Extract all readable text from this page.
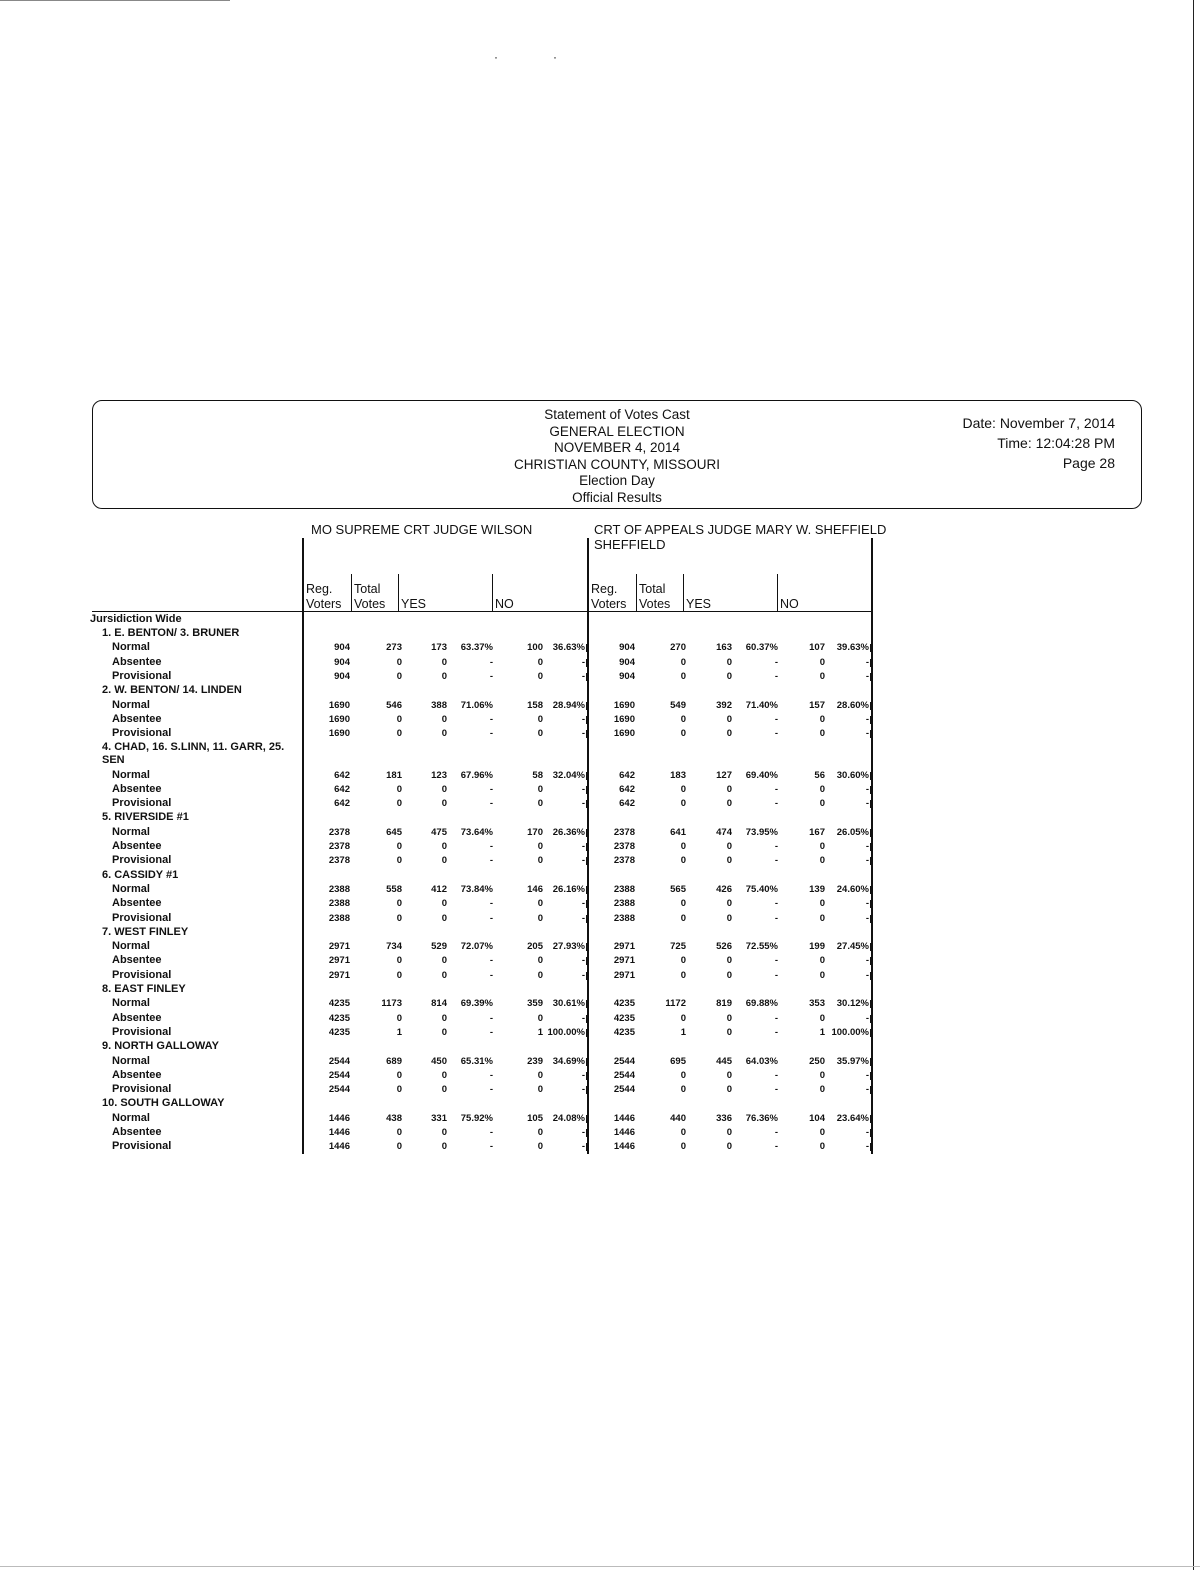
·	·
Statement of Votes Cast
GENERAL ELECTION
NOVEMBER 4, 2014
CHRISTIAN COUNTY, MISSOURI
Election Day
Official Results
Date: November 7, 2014
Time: 12:04:28 PM
Page 28
MO SUPREME CRT JUDGE WILSON	CRT OF APPEALS JUDGE MARY W. SHEFFIELD
SHEFFIELD
Reg.
Voters
Total
Votes YES	NO
Reg.
Voters
Total
Votes YES	NO
Jursidiction Wide
1. E. BENTON/ 3. BRUNER
Normal	904	273	173	63.37%	100	36.63%	904	270	163	60.37%	107	39.63%
Absentee	904	0	0	-	0	-	904	0	0	-	0	-
Provisional	904	0	0	-	0	-	904	0	0	-	0	-
2. W. BENTON/ 14. LINDEN
Normal	1690	546	388	71.06%	158	28.94%	1690	549	392	71.40%	157	28.60%
Absentee	1690	0	0	-	0	-	1690	0	0	-	0	-
Provisional	1690	0	0	-	0	-	1690	0	0	-	0	-
4. CHAD, 16. S.LINN, 11. GARR, 25.
SEN
Normal	642	181	123	67.96%	58	32.04%	642	183	127	69.40%	56	30.60%
Absentee	642	0	0	-	0	-	642	0	0	-	0	-
Provisional	642	0	0	-	0	-	642	0	0	-	0	-
5. RIVERSIDE #1
Normal	2378	645	475	73.64%	170	26.36%	2378	641	474	73.95%	167	26.05%
Absentee	2378	0	0	-	0	-	2378	0	0	-	0	-
Provisional	2378	0	0	-	0	-	2378	0	0	-	0	-
6. CASSIDY #1
Normal	2388	558	412	73.84%	146	26.16%	2388	565	426	75.40%	139	24.60%
Absentee	2388	0	0	-	0	-	2388	0	0	-	0	-
Provisional	2388	0	0	-	0	-	2388	0	0	-	0	-
7. WEST FINLEY
Normal	2971	734	529	72.07%	205	27.93%	2971	725	526	72.55%	199	27.45%
Absentee	2971	0	0	-	0	-	2971	0	0	-	0	-
Provisional	2971	0	0	-	0	-	2971	0	0	-	0	-
8. EAST FINLEY
Normal	4235	1173	814	69.39%	359	30.61%	4235	1172	819	69.88%	353	30.12%
Absentee	4235	0	0	-	0	-	4235	0	0	-	0	-
Provisional	4235	1	0	-	1 100.00%	4235	1	0	-	1 100.00%
9. NORTH GALLOWAY
Normal	2544	689	450	65.31%	239	34.69%	2544	695	445	64.03%	250	35.97%
Absentee	2544	0	0	-	0	-	2544	0	0	-	0	-
Provisional	2544	0	0	-	0	-	2544	0	0	-	0	-
10. SOUTH GALLOWAY
Normal	1446	438	331	75.92%	105	24.08%	1446	440	336	76.36%	104	23.64%
Absentee	1446	0	0	-	0	-	1446	0	0	-	0	-
Provisional	1446	0	0	-	0	-	1446	0	0	-	0	-
